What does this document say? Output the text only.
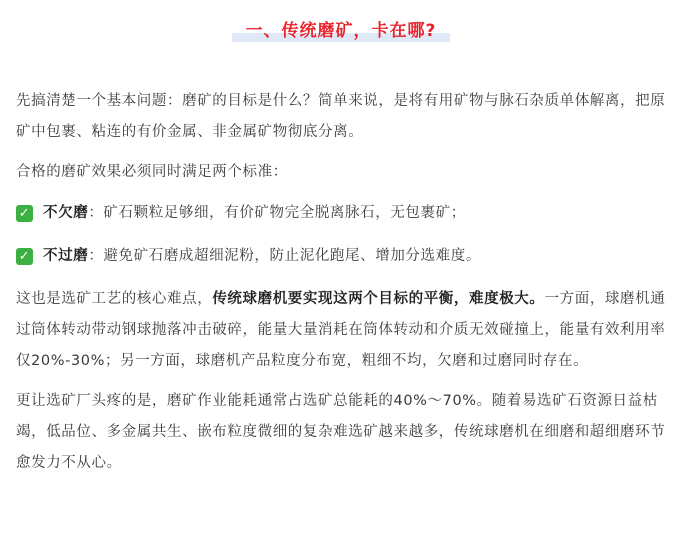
一、传统磨矿，卡在哪?

先搞清楚一个基本问题：磨矿的目标是什么？简单来说，是将有用矿物与脉石杂质单体解离，把原矿中包裹、粘连的有价金属、非金属矿物彻底分离。

合格的磨矿效果必须同时满足两个标准：

✓ 不欠磨：矿石颗粒足够细，有价矿物完全脱离脉石，无包裹矿；
✓ 不过磨：避免矿石磨成超细泥粉，防止泥化跑尾、增加分选难度。

这也是选矿工艺的核心难点，传统球磨机要实现这两个目标的平衡，难度极大。一方面，球磨机通过筒体转动带动钢球抛落冲击破碎，能量大量消耗在筒体转动和介质无效碰撞上，能量有效利用率仅20%-30%；另一方面，球磨机产品粒度分布宽，粗细不均，欠磨和过磨同时存在。

更让选矿厂头疼的是，磨矿作业能耗通常占选矿总能耗的40%～70%。随着易选矿石资源日益枯竭，低品位、多金属共生、嵌布粒度微细的复杂难选矿越来越多，传统球磨机在细磨和超细磨环节愈发力不从心。
